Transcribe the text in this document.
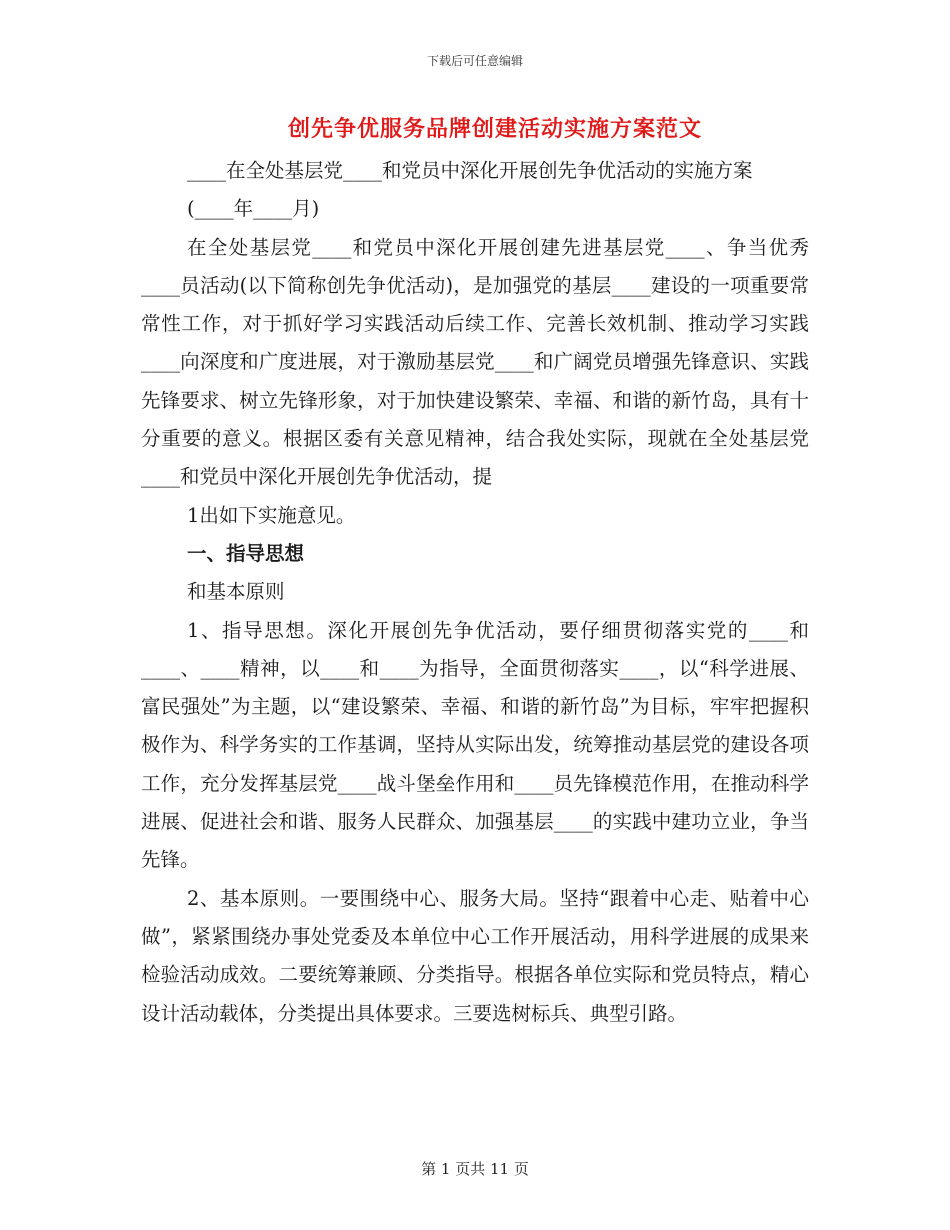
下载后可任意编辑
创先争优服务品牌创建活动实施方案范文

____在全处基层党____和党员中深化开展创先争优活动的实施方案

(____年____月)

在全处基层党____和党员中深化开展创建先进基层党____、争当优秀____员活动(以下简称创先争优活动)，是加强党的基层____建设的一项重要常常性工作，对于抓好学习实践活动后续工作、完善长效机制、推动学习实践____向深度和广度进展，对于激励基层党____和广阔党员增强先锋意识、实践先锋要求、树立先锋形象，对于加快建设繁荣、幸福、和谐的新竹岛，具有十分重要的意义。根据区委有关意见精神，结合我处实际，现就在全处基层党____和党员中深化开展创先争优活动，提

1出如下实施意见。

一、指导思想

和基本原则

1、指导思想。深化开展创先争优活动，要仔细贯彻落实党的____和____、____精神，以____和____为指导，全面贯彻落实____，以“科学进展、富民强处”为主题，以“建设繁荣、幸福、和谐的新竹岛”为目标，牢牢把握积极作为、科学务实的工作基调，坚持从实际出发，统筹推动基层党的建设各项工作，充分发挥基层党____战斗堡垒作用和____员先锋模范作用，在推动科学进展、促进社会和谐、服务人民群众、加强基层____的实践中建功立业，争当先锋。

2、基本原则。一要围绕中心、服务大局。坚持“跟着中心走、贴着中心做”，紧紧围绕办事处党委及本单位中心工作开展活动，用科学进展的成果来检验活动成效。二要统筹兼顾、分类指导。根据各单位实际和党员特点，精心设计活动载体，分类提出具体要求。三要选树标兵、典型引路。

第 1 页共 11 页
